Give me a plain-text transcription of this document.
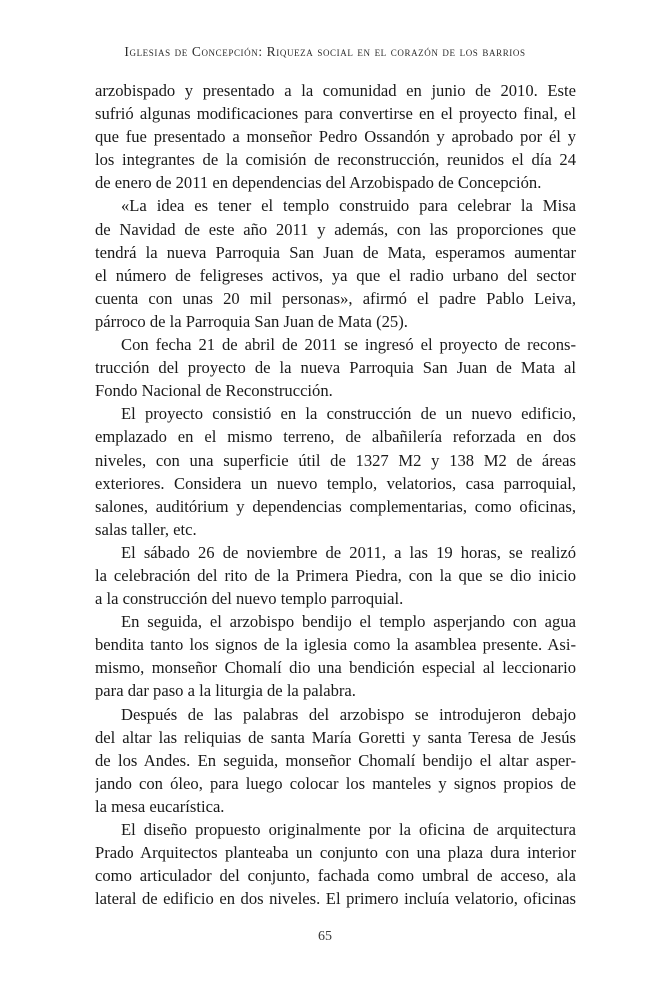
Iglesias de Concepción: Riqueza social en el corazón de los barrios
arzobispado y presentado a la comunidad en junio de 2010. Este
sufrió algunas modificaciones para convertirse en el proyecto final, el
que fue presentado a monseñor Pedro Ossandón y aprobado por él y
los integrantes de la comisión de reconstrucción, reunidos el día 24
de enero de 2011 en dependencias del Arzobispado de Concepción.
«La idea es tener el templo construido para celebrar la Misa
de Navidad de este año 2011 y además, con las proporciones que
tendrá la nueva Parroquia San Juan de Mata, esperamos aumentar
el número de feligreses activos, ya que el radio urbano del sector
cuenta con unas 20 mil personas», afirmó el padre Pablo Leiva,
párroco de la Parroquia San Juan de Mata (25).
Con fecha 21 de abril de 2011 se ingresó el proyecto de recons-
trucción del proyecto de la nueva Parroquia San Juan de Mata al
Fondo Nacional de Reconstrucción.
El proyecto consistió en la construcción de un nuevo edificio,
emplazado en el mismo terreno, de albañilería reforzada en dos
niveles, con una superficie útil de 1327 M2 y 138 M2 de áreas
exteriores. Considera un nuevo templo, velatorios, casa parroquial,
salones, auditórium y dependencias complementarias, como oficinas,
salas taller, etc.
El sábado 26 de noviembre de 2011, a las 19 horas, se realizó
la celebración del rito de la Primera Piedra, con la que se dio inicio
a la construcción del nuevo templo parroquial.
En seguida, el arzobispo bendijo el templo asperjando con agua
bendita tanto los signos de la iglesia como la asamblea presente. Asi-
mismo, monseñor Chomalí dio una bendición especial al leccionario
para dar paso a la liturgia de la palabra.
Después de las palabras del arzobispo se introdujeron debajo
del altar las reliquias de santa María Goretti y santa Teresa de Jesús
de los Andes. En seguida, monseñor Chomalí bendijo el altar asper-
jando con óleo, para luego colocar los manteles y signos propios de
la mesa eucarística.
El diseño propuesto originalmente por la oficina de arquitectura
Prado Arquitectos planteaba un conjunto con una plaza dura interior
como articulador del conjunto, fachada como umbral de acceso, ala
lateral de edificio en dos niveles. El primero incluía velatorio, oficinas
65
